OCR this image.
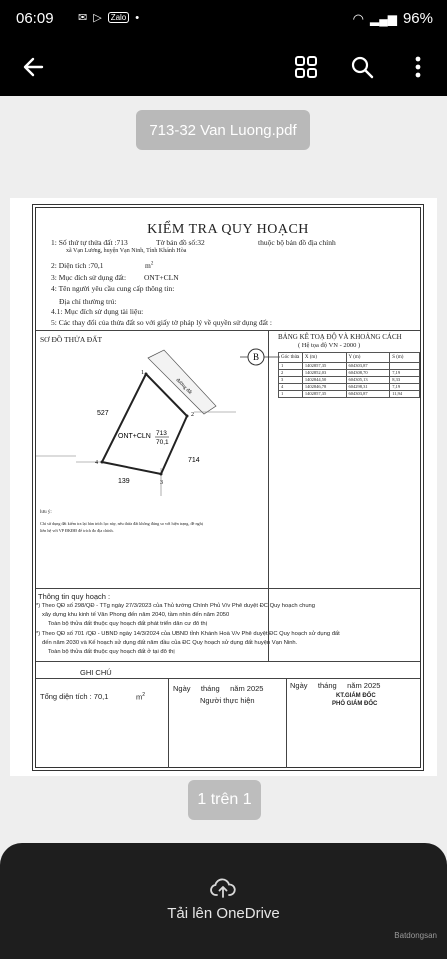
06:09 ✉ ▷	Zalo •	◠ ▂▄▆ 96%
713-32 Van Luong.pdf
KIỂM TRA QUY HOẠCH
1: Số thứ tự thửa đất :713	Tờ bản đồ số:32	thuộc bộ bản đồ địa chính
xã Vạn Lương, huyện Vạn Ninh, Tỉnh Khánh Hòa
2: Diện tích :70,1	$m^2$
3: Mục đích sử dụng đất: ONT+CLN
4: Tên người yêu cầu cung cấp thông tin:
Địa chỉ thường trú:
4.1: Mục đích sử dụng tài liệu:
5: Các thay đổi của thửa đất so với giấy tờ pháp lý về quyền sử dụng đất :
SƠ ĐỒ THỬA ĐẤT	BẢNG KÊ TOẠ ĐỘ VÀ KHOẢNG CÁCH
( Hệ tọa độ VN - 2000 )
B	Góc thửa	X (m)	Y (m)	S (m)
1	1402857,35	604303,87	
2	1402852,03	604308,70	7,19
3	1402844,50	604305,13	8,33
4	1402846,78	604298,31	7,19
1	1402857,35	604303,87	11,94
đường đất
1
2
3
4
ONT+CLN 713
70,1
527
714
139
lưu ý:
Chỉ sử dụng đất kiểm tra lại hàn trích lục này, nếu thửa đất không đúng so với hiện trạng, đề nghị
liên hệ với VP ĐKĐĐ để trích đo địa chính.
Thông tin quy hoạch :
*) Theo QĐ số 298/QĐ - TTg ngày 27/3/2023 của Thủ tướng Chính Phủ V/v Phê duyệt ĐC Quy hoạch chung
xây dựng khu kinh tế Vân Phong đến năm 2040, tầm nhìn đến năm 2050
Toàn bộ thửa đất thuộc quy hoạch đất phát triển dân cư đô thị
*) Theo QĐ số 701 /QĐ - UBND ngày 14/3/2024 của UBND tỉnh Khánh Hoà V/v Phê duyệt ĐC Quy hoạch sử dụng đất
đến năm 2030 và Kế hoạch sử dụng đất năm đầu của ĐC Quy hoạch sử dụng đất huyện Vạn Ninh.
Toàn bộ thửa đất thuộc quy hoạch đất ở tại đô thị
GHI CHÚ
Tổng diện tích : 70,1	$m^2$
Ngày     tháng     năm 2025
Người thực hiện
Ngày     tháng     năm 2025
KT.GIÁM ĐỐC
PHÓ GIÁM ĐỐC
1 trên 1
Tải lên OneDrive
Batdongsan
